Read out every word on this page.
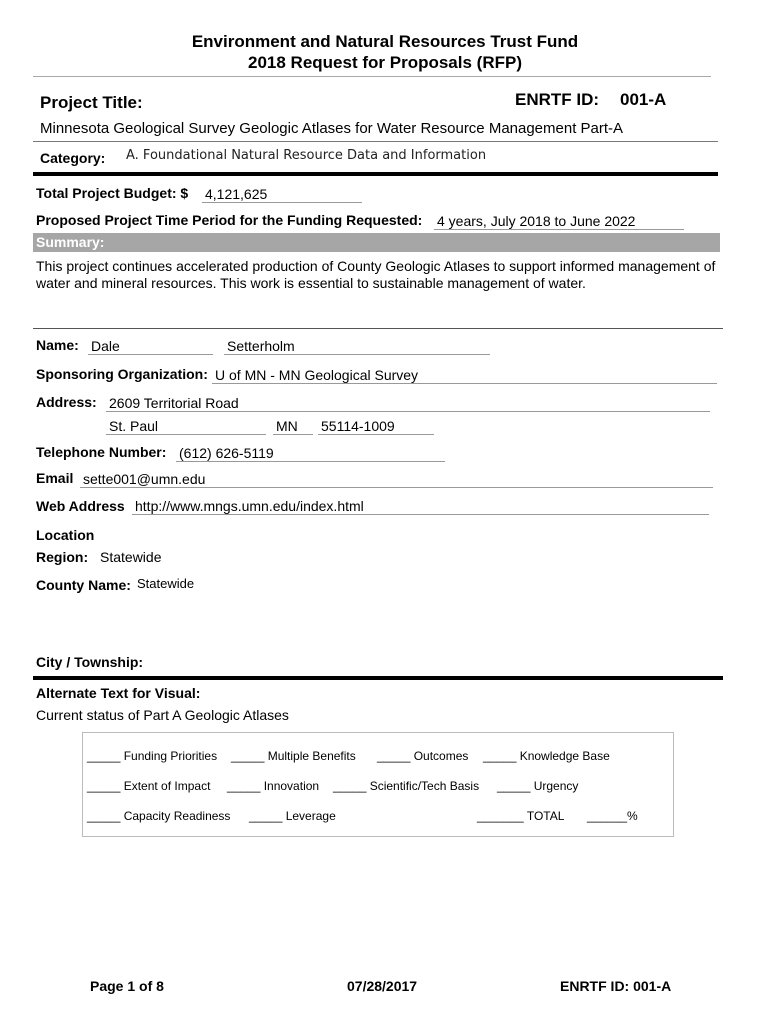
Environment and Natural Resources Trust Fund
2018 Request for Proposals (RFP)
Project Title:	ENRTF ID: 001-A
Minnesota Geological Survey Geologic Atlases for Water Resource Management Part-A
Category: A. Foundational Natural Resource Data and Information
Total Project Budget: $ 4,121,625
Proposed Project Time Period for the Funding Requested: 4 years, July 2018 to June 2022
Summary:
This project continues accelerated production of County Geologic Atlases to support informed management of water and mineral resources. This work is essential to sustainable management of water.
Name: Dale	Setterholm
Sponsoring Organization: U of MN - MN Geological Survey
Address: 2609 Territorial Road
St. Paul	MN	55114-1009
Telephone Number: (612) 626-5119
Email sette001@umn.edu
Web Address http://www.mngs.umn.edu/index.html
Location
Region: Statewide
County Name: Statewide
City / Township:
Alternate Text for Visual:
Current status of Part A Geologic Atlases
_____ Funding Priorities _____ Multiple Benefits _____ Outcomes _____ Knowledge Base
_____ Extent of Impact _____ Innovation _____ Scientific/Tech Basis _____ Urgency
_____ Capacity Readiness _____ Leverage	_______ TOTAL ______%
Page 1 of 8	07/28/2017	ENRTF ID: 001-A
